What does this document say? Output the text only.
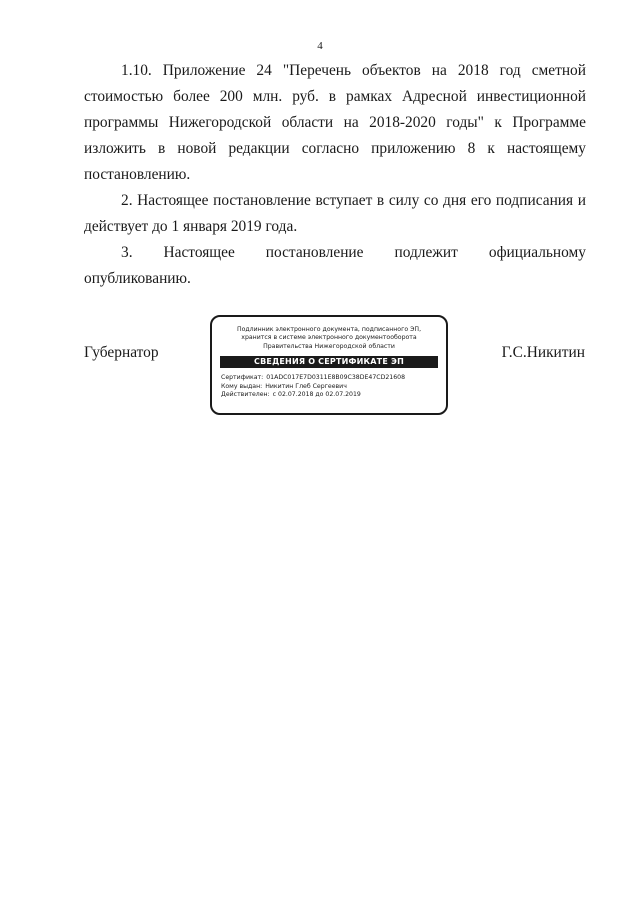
4

1.10. Приложение 24 "Перечень объектов на 2018 год сметной стоимостью более 200 млн. руб. в рамках Адресной инвестиционной программы Нижегородской области на 2018-2020 годы" к Программе изложить в новой редакции согласно приложению 8 к настоящему постановлению.

2. Настоящее постановление вступает в силу со дня его подписания и действует до 1 января 2019 года.

3. Настоящее постановление подлежит официальному опубликованию.

Губернатор
Подлинник электронного документа, подписанного ЭП,
хранится в системе электронного документооборота
Правительства Нижегородской области
СВЕДЕНИЯ О СЕРТИФИКАТЕ ЭП
Сертификат: 01ADC017E7D0311E8B09C38DE47CD21608
Кому выдан: Никитин Глеб Сергеевич
Действителен: с 02.07.2018 до 02.07.2019
Г.С.Никитин
